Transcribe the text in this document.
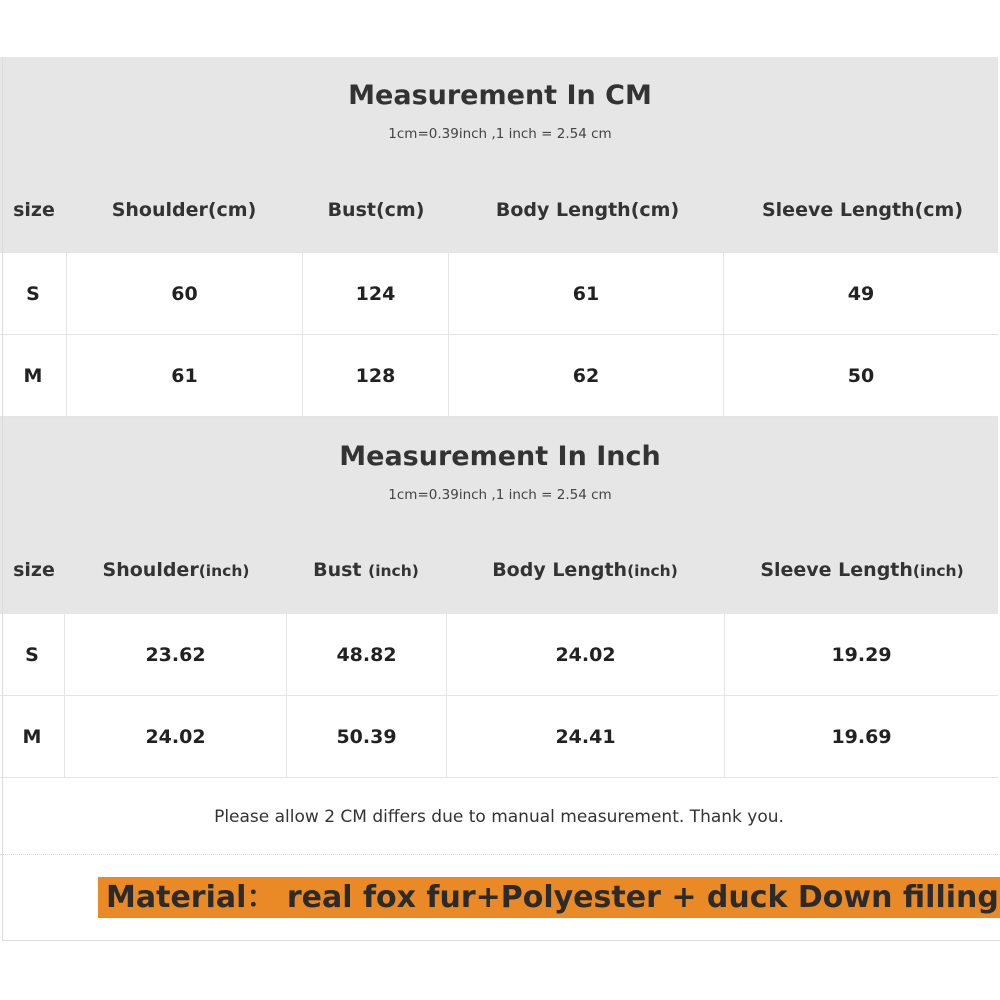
Measurement In CM
1cm=0.39inch ,1 inch = 2.54 cm
size	Shoulder(cm)	Bust(cm)	Body Length(cm)	Sleeve Length(cm)
S	60	124	61	49
M	61	128	62	50
Measurement In Inch
1cm=0.39inch ,1 inch = 2.54 cm
size	Shoulder(inch)	Bust (inch)	Body Length(inch)	Sleeve Length(inch)
S	23.62	48.82	24.02	19.29
M	24.02	50.39	24.41	19.69
Please allow 2 CM differs due to manual measurement. Thank you.
Material： real fox fur+Polyester + duck Down filling
